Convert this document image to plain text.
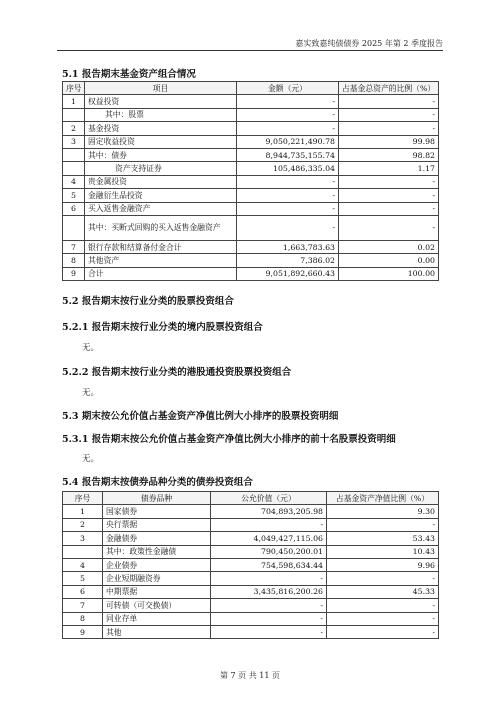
嘉实致嘉纯债债券 2025 年第 2 季度报告
5.1 报告期末基金资产组合情况
序号	项目	金额（元）	占基金总资产的比例（%）
1	权益投资	-	-
	其中：股票	-	-
2	基金投资	-	-
3	固定收益投资	9,050,221,490.78	99.98
	其中：债券	8,944,735,155.74	98.82
	资产支持证券	105,486,335.04	1.17
4	贵金属投资	-	-
5	金融衍生品投资	-	-
6	买入返售金融资产	-	-
	其中：买断式回购的买入返售金融资产	-	-
7	银行存款和结算备付金合计	1,663,783.63	0.02
8	其他资产	7,386.02	0.00
9	合计	9,051,892,660.43	100.00
5.2 报告期末按行业分类的股票投资组合
5.2.1 报告期末按行业分类的境内股票投资组合
无。
5.2.2 报告期末按行业分类的港股通投资股票投资组合
无。
5.3 期末按公允价值占基金资产净值比例大小排序的股票投资明细
5.3.1 报告期末按公允价值占基金资产净值比例大小排序的前十名股票投资明细
无。
5.4 报告期末按债券品种分类的债券投资组合
序号	债券品种	公允价值（元）	占基金资产净值比例（%）
1	国家债券	704,893,205.98	9.30
2	央行票据	-	-
3	金融债券	4,049,427,115.06	53.43
	其中：政策性金融债	790,450,200.01	10.43
4	企业债券	754,598,634.44	9.96
5	企业短期融资券	-	-
6	中期票据	3,435,816,200.26	45.33
7	可转债（可交换债）	-	-
8	同业存单	-	-
9	其他	-	-
第 7 页 共 11 页
